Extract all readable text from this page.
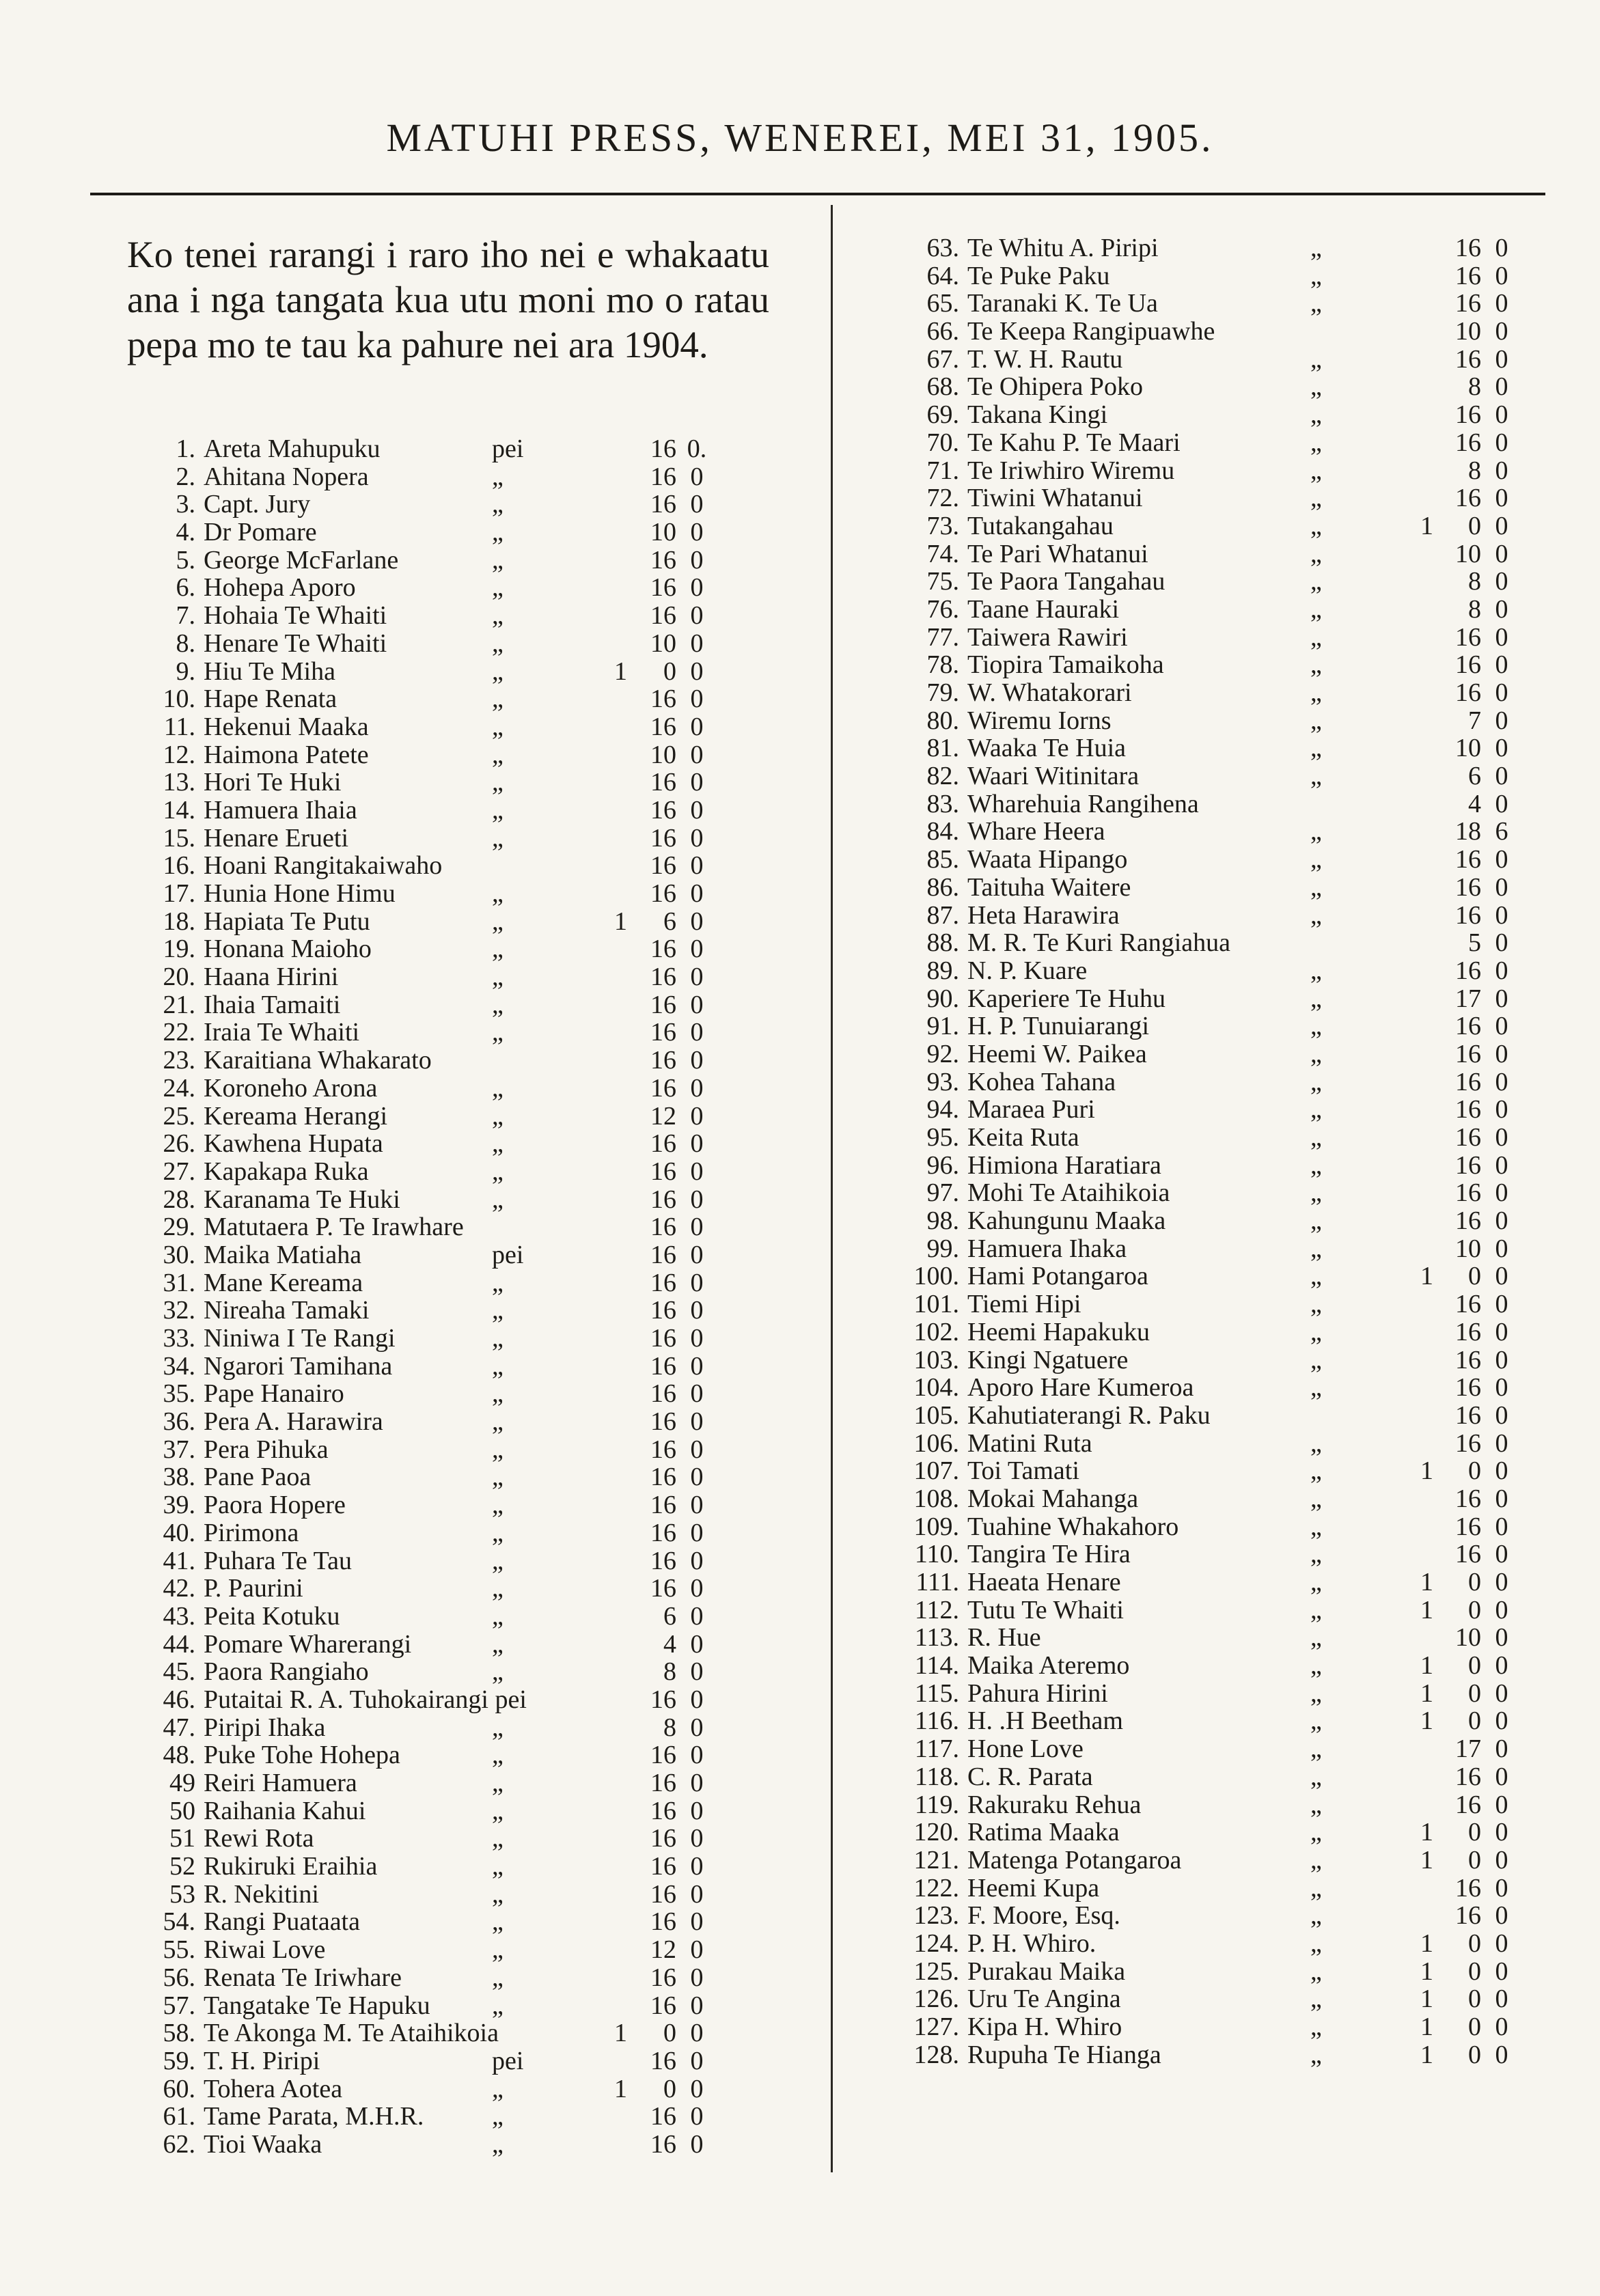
MATUHI PRESS, WENEREI, MEI 31, 1905.
Ko tenei rarangi i raro iho nei e whakaatu ana i nga tangata kua utu moni mo o ratau pepa mo te tau ka pahure nei ara 1904.
1. Areta Mahupuku	pei	16 0.
2. Ahitana Nopera	„	16 0
3. Capt. Jury	„	16 0
4. Dr Pomare	„	10 0
5. George McFarlane	„	16 0
6. Hohepa Aporo	„	16 0
7. Hohaia Te Whaiti	„	16 0
8. Henare Te Whaiti	„	10 0
9. Hiu Te Miha	„	1	0 0
10. Hape Renata	„	16 0
11. Hekenui Maaka	„	16 0
12. Haimona Patete	„	10 0
13. Hori Te Huki	„	16 0
14. Hamuera Ihaia	„	16 0
15. Henare Erueti	„	16 0
16. Hoani Rangitakaiwaho	16 0
17. Hunia Hone Himu	„	16 0
18. Hapiata Te Putu	„	1	6 0
19. Honana Maioho	„	16 0
20. Haana Hirini	„	16 0
21. Ihaia Tamaiti	„	16 0
22. Iraia Te Whaiti	„	16 0
23. Karaitiana Whakarato	16 0
24. Koroneho Arona	„	16 0
25. Kereama Herangi	„	12 0
26. Kawhena Hupata	„	16 0
27. Kapakapa Ruka	„	16 0
28. Karanama Te Huki	„	16 0
29. Matutaera P. Te Irawhare	16 0
30. Maika Matiaha	pei	16 0
31. Mane Kereama	„	16 0
32. Nireaha Tamaki	„	16 0
33. Niniwa I Te Rangi	„	16 0
34. Ngarori Tamihana	„	16 0
35. Pape Hanairo	„	16 0
36. Pera A. Harawira	„	16 0
37. Pera Pihuka	„	16 0
38. Pane Paoa	„	16 0
39. Paora Hopere	„	16 0
40. Pirimona	„	16 0
41. Puhara Te Tau	„	16 0
42. P. Paurini	„	16 0
43. Peita Kotuku	„	6 0
44. Pomare Wharerangi	„	4 0
45. Paora Rangiaho	„	8 0
46. Putaitai R. A. Tuhokairangi pei	16 0
47. Piripi Ihaka	„	8 0
48. Puke Tohe Hohepa	„	16 0
49 Reiri Hamuera	„	16 0
50 Raihania Kahui	„	16 0
51 Rewi Rota	„	16 0
52 Rukiruki Eraihia	„	16 0
53 R. Nekitini	„	16 0
54. Rangi Puataata	„	16 0
55. Riwai Love	„	12 0
56. Renata Te Iriwhare	„	16 0
57. Tangatake Te Hapuku „	16 0
58. Te Akonga M. Te Ataihikoia	1	0 0
59. T. H. Piripi	pei	16 0
60. Tohera Aotea	„	1	0 0
61. Tame Parata, M.H.R.	„	16 0
62. Tioi Waaka	„	16 0
63. Te Whitu A. Piripi	„	16 0
64. Te Puke Paku	„	16 0
65. Taranaki K. Te Ua	„	16 0
66. Te Keepa Rangipuawhe	10 0
67. T. W. H. Rautu	„	16 0
68. Te Ohipera Poko	„	8 0
69. Takana Kingi	„	16 0
70. Te Kahu P. Te Maari	„	16 0
71. Te Iriwhiro Wiremu	„	8 0
72. Tiwini Whatanui	„	16 0
73. Tutakangahau	„	1	0 0
74. Te Pari Whatanui	„	10 0
75. Te Paora Tangahau	„	8 0
76. Taane Hauraki	„	8 0
77. Taiwera Rawiri	„	16 0
78. Tiopira Tamaikoha	„	16 0
79. W. Whatakorari	„	16 0
80. Wiremu Iorns	„	7 0
81. Waaka Te Huia	„	10 0
82. Waari Witinitara	„	6 0
83. Wharehuia Rangihena	4 0
84. Whare Heera	„	18 6
85. Waata Hipango	„	16 0
86. Taituha Waitere	„	16 0
87. Heta Harawira	„	16 0
88. M. R. Te Kuri Rangiahua	5 0
89. N. P. Kuare	„	16 0
90. Kaperiere Te Huhu	„	17 0
91. H. P. Tunuiarangi	„	16 0
92. Heemi W. Paikea	„	16 0
93. Kohea Tahana	„	16 0
94. Maraea Puri	„	16 0
95. Keita Ruta	„	16 0
96. Himiona Haratiara	„	16 0
97. Mohi Te Ataihikoia	„	16 0
98. Kahungunu Maaka	„	16 0
99. Hamuera Ihaka	„	10 0
100. Hami Potangaroa	„	1	0 0
101. Tiemi Hipi	„	16 0
102. Heemi Hapakuku	„	16 0
103. Kingi Ngatuere	„	16 0
104. Aporo Hare Kumeroa	„	16 0
105. Kahutiaterangi R. Paku	16 0
106. Matini Ruta	„	16 0
107. Toi Tamati	„	1	0 0
108. Mokai Mahanga	„	16 0
109. Tuahine Whakahoro	„	16 0
110. Tangira Te Hira	„	16 0
111. Haeata Henare	„	1	0 0
112. Tutu Te Whaiti	„	1	0 0
113. R. Hue	„	10 0
114. Maika Ateremo	„	1	0 0
115. Pahura Hirini	„	1	0 0
116. H. .H Beetham	„	1	0 0
117. Hone Love	„	17 0
118. C. R. Parata	„	16 0
119. Rakuraku Rehua	„	16 0
120. Ratima Maaka	„	1	0 0
121. Matenga Potangaroa	„	1	0 0
122. Heemi Kupa	„	16 0
123. F. Moore, Esq.	„	16 0
124. P. H. Whiro.	„	1	0 0
125. Purakau Maika	„	1	0 0
126. Uru Te Angina	„	1	0 0
127. Kipa H. Whiro	„	1	0 0
128. Rupuha Te Hianga	„	1	0 0
